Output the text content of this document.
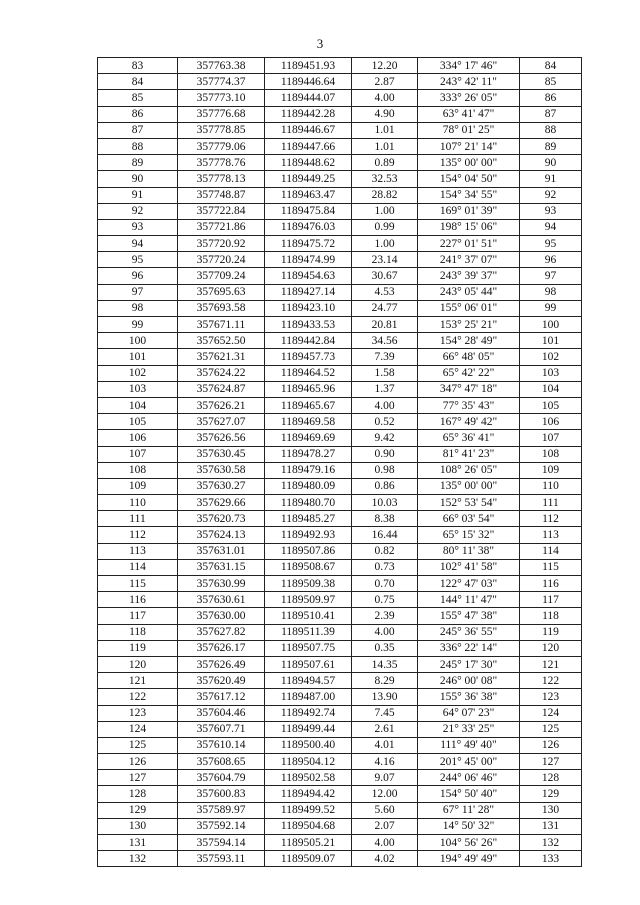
3
83	357763.38	1189451.93	12.20	334° 17' 46"	84
84	357774.37	1189446.64	2.87	243° 42' 11"	85
85	357773.10	1189444.07	4.00	333° 26' 05"	86
86	357776.68	1189442.28	4.90	63° 41' 47"	87
87	357778.85	1189446.67	1.01	78° 01' 25"	88
88	357779.06	1189447.66	1.01	107° 21' 14"	89
89	357778.76	1189448.62	0.89	135° 00' 00"	90
90	357778.13	1189449.25	32.53	154° 04' 50"	91
91	357748.87	1189463.47	28.82	154° 34' 55"	92
92	357722.84	1189475.84	1.00	169° 01' 39"	93
93	357721.86	1189476.03	0.99	198° 15' 06"	94
94	357720.92	1189475.72	1.00	227° 01' 51"	95
95	357720.24	1189474.99	23.14	241° 37' 07"	96
96	357709.24	1189454.63	30.67	243° 39' 37"	97
97	357695.63	1189427.14	4.53	243° 05' 44"	98
98	357693.58	1189423.10	24.77	155° 06' 01"	99
99	357671.11	1189433.53	20.81	153° 25' 21"	100
100	357652.50	1189442.84	34.56	154° 28' 49"	101
101	357621.31	1189457.73	7.39	66° 48' 05"	102
102	357624.22	1189464.52	1.58	65° 42' 22"	103
103	357624.87	1189465.96	1.37	347° 47' 18"	104
104	357626.21	1189465.67	4.00	77° 35' 43"	105
105	357627.07	1189469.58	0.52	167° 49' 42"	106
106	357626.56	1189469.69	9.42	65° 36' 41"	107
107	357630.45	1189478.27	0.90	81° 41' 23"	108
108	357630.58	1189479.16	0.98	108° 26' 05"	109
109	357630.27	1189480.09	0.86	135° 00' 00"	110
110	357629.66	1189480.70	10.03	152° 53' 54"	111
111	357620.73	1189485.27	8.38	66° 03' 54"	112
112	357624.13	1189492.93	16.44	65° 15' 32"	113
113	357631.01	1189507.86	0.82	80° 11' 38"	114
114	357631.15	1189508.67	0.73	102° 41' 58"	115
115	357630.99	1189509.38	0.70	122° 47' 03"	116
116	357630.61	1189509.97	0.75	144° 11' 47"	117
117	357630.00	1189510.41	2.39	155° 47' 38"	118
118	357627.82	1189511.39	4.00	245° 36' 55"	119
119	357626.17	1189507.75	0.35	336° 22' 14"	120
120	357626.49	1189507.61	14.35	245° 17' 30"	121
121	357620.49	1189494.57	8.29	246° 00' 08"	122
122	357617.12	1189487.00	13.90	155° 36' 38"	123
123	357604.46	1189492.74	7.45	64° 07' 23"	124
124	357607.71	1189499.44	2.61	21° 33' 25"	125
125	357610.14	1189500.40	4.01	111° 49' 40"	126
126	357608.65	1189504.12	4.16	201° 45' 00"	127
127	357604.79	1189502.58	9.07	244° 06' 46"	128
128	357600.83	1189494.42	12.00	154° 50' 40"	129
129	357589.97	1189499.52	5.60	67° 11' 28"	130
130	357592.14	1189504.68	2.07	14° 50' 32"	131
131	357594.14	1189505.21	4.00	104° 56' 26"	132
132	357593.11	1189509.07	4.02	194° 49' 49"	133
